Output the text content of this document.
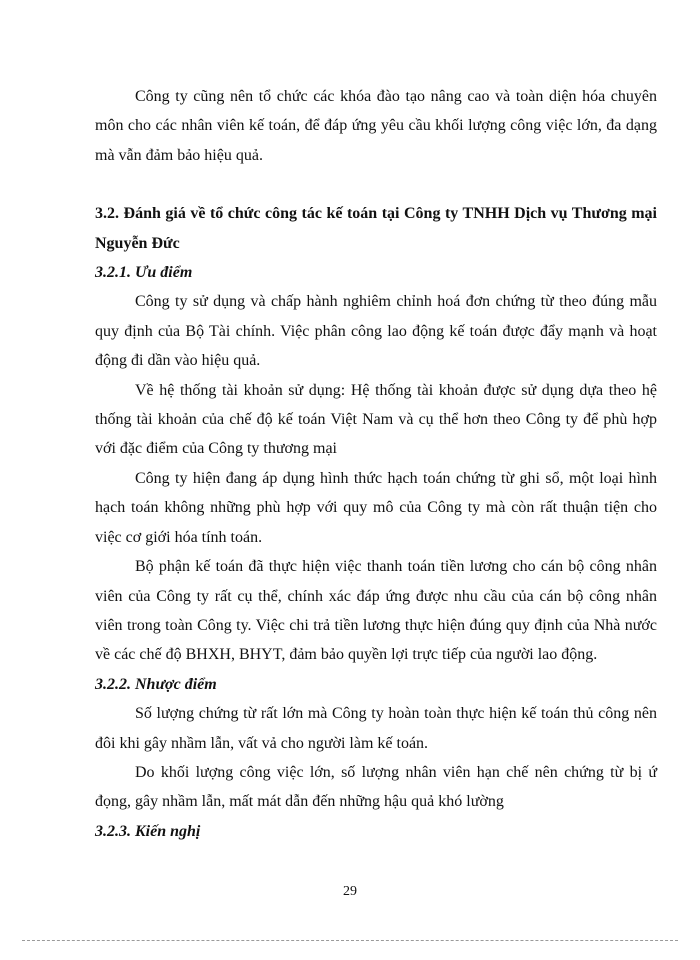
Công ty cũng nên tổ chức các khóa đào tạo nâng cao và toàn diện hóa chuyên môn cho các nhân viên kế toán, để đáp ứng yêu cầu khối lượng công việc lớn, đa dạng mà vẫn đảm bảo hiệu quả.

3.2. Đánh giá về tổ chức công tác kế toán tại Công ty TNHH Dịch vụ Thương mại Nguyễn Đức

3.2.1. Ưu điểm

Công ty sử dụng và chấp hành nghiêm chỉnh hoá đơn chứng từ theo đúng mẫu quy định của Bộ Tài chính. Việc phân công lao động kế toán được đẩy mạnh và hoạt động đi dần vào hiệu quả.

Về hệ thống tài khoản sử dụng: Hệ thống tài khoản được sử dụng dựa theo hệ thống tài khoản của chế độ kế toán Việt Nam và cụ thể hơn theo Công ty để phù hợp với đặc điểm của Công ty thương mại

Công ty hiện đang áp dụng hình thức hạch toán chứng từ ghi sổ, một loại hình hạch toán không những phù hợp với quy mô của Công ty mà còn rất thuận tiện cho việc cơ giới hóa tính toán.

Bộ phận kế toán đã thực hiện việc thanh toán tiền lương cho cán bộ công nhân viên của Công ty rất cụ thể, chính xác đáp ứng được nhu cầu của cán bộ công nhân viên trong toàn Công ty. Việc chi trả tiền lương thực hiện đúng quy định của Nhà nước về các chế độ BHXH, BHYT, đảm bảo quyền lợi trực tiếp của người lao động.

3.2.2. Nhược điểm

Số lượng chứng từ rất lớn mà Công ty hoàn toàn thực hiện kế toán thủ công nên đôi khi gây nhầm lẫn, vất vả cho người làm kế toán.

Do khối lượng công việc lớn, số lượng nhân viên hạn chế nên chứng từ bị ứ đọng, gây nhầm lẫn, mất mát dẫn đến những hậu quả khó lường

3.2.3. Kiến nghị

29
